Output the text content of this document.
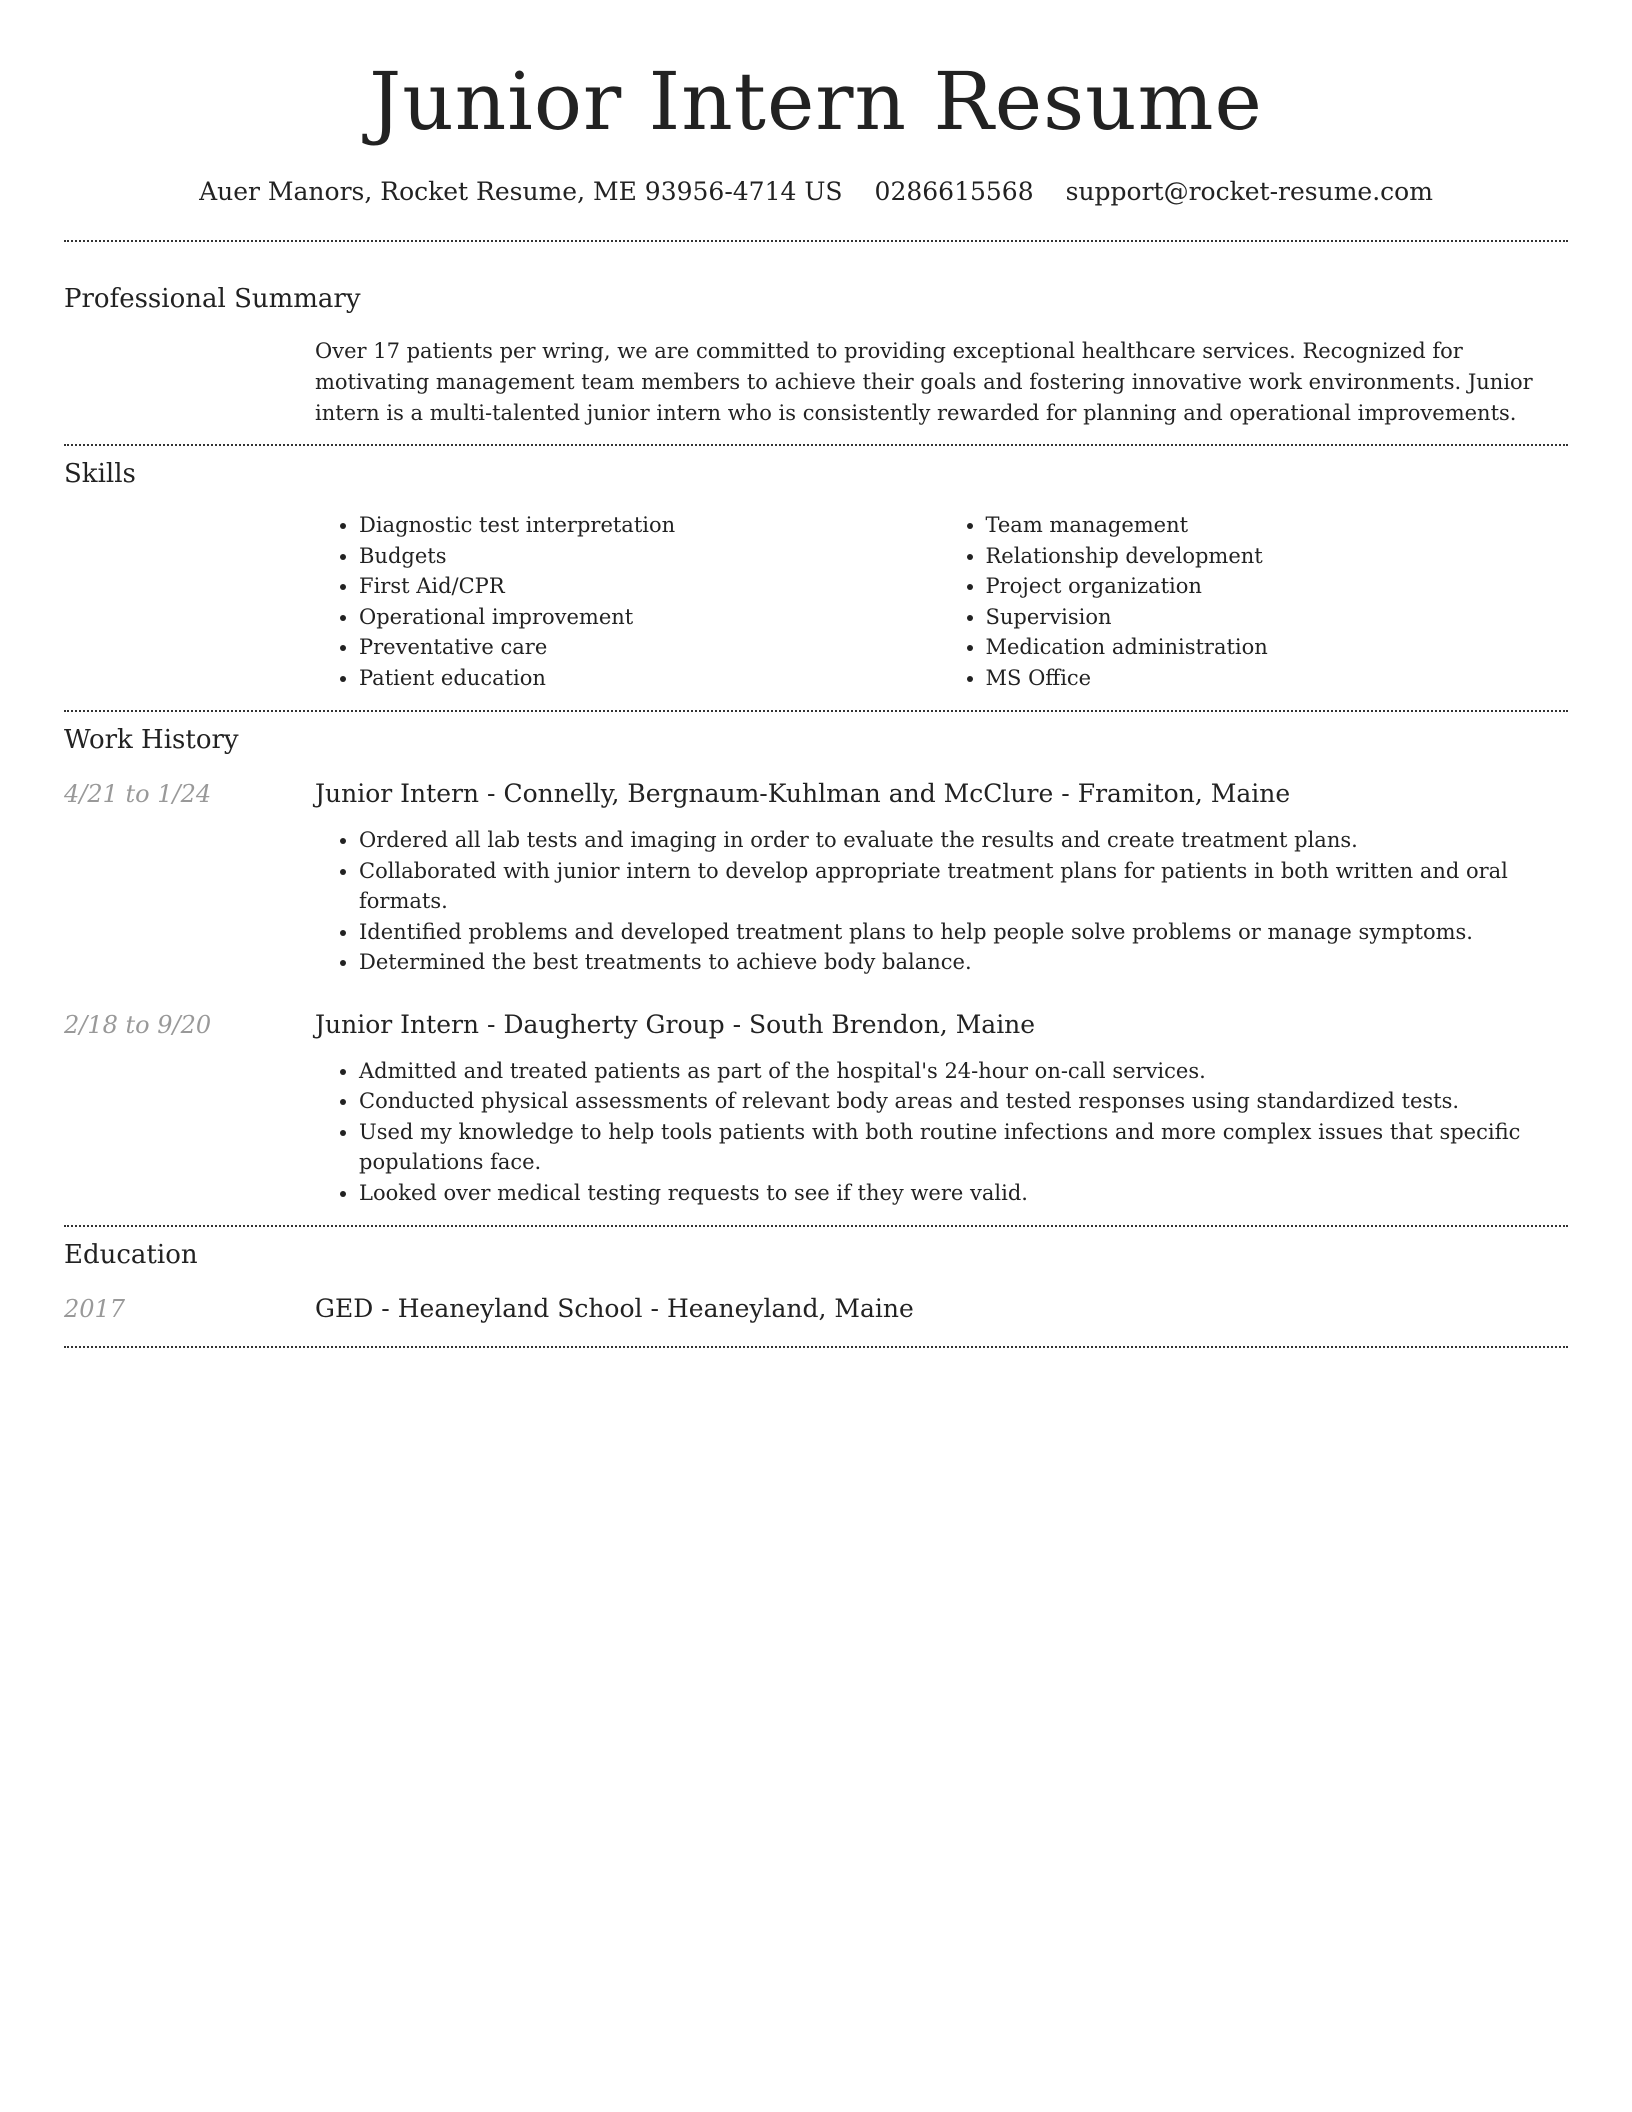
Junior Intern Resume
Auer Manors, Rocket Resume, ME 93956-4714 US 0286615568 support@rocket-resume.com
Professional Summary

Over 17 patients per wring, we are committed to providing exceptional healthcare services. Recognized for motivating management team members to achieve their goals and fostering innovative work environments. Junior intern is a multi-talented junior intern who is consistently rewarded for planning and operational improvements.

Skills
• Diagnostic test interpretation
• Budgets
• First Aid/CPR
• Operational improvement
• Preventative care
• Patient education
• Team management
• Relationship development
• Project organization
• Supervision
• Medication administration
• MS Office
Work History
4/21 to 1/24	Junior Intern - Connelly, Bergnaum-Kuhlman and McClure - Framiton, Maine
• Ordered all lab tests and imaging in order to evaluate the results and create treatment plans.
• Collaborated with junior intern to develop appropriate treatment plans for patients in both written and oral formats.
• Identified problems and developed treatment plans to help people solve problems or manage symptoms.
• Determined the best treatments to achieve body balance.
2/18 to 9/20	Junior Intern - Daugherty Group - South Brendon, Maine
• Admitted and treated patients as part of the hospital's 24-hour on-call services.
• Conducted physical assessments of relevant body areas and tested responses using standardized tests.
• Used my knowledge to help tools patients with both routine infections and more complex issues that specific populations face.
• Looked over medical testing requests to see if they were valid.
Education
2017	GED - Heaneyland School - Heaneyland, Maine
